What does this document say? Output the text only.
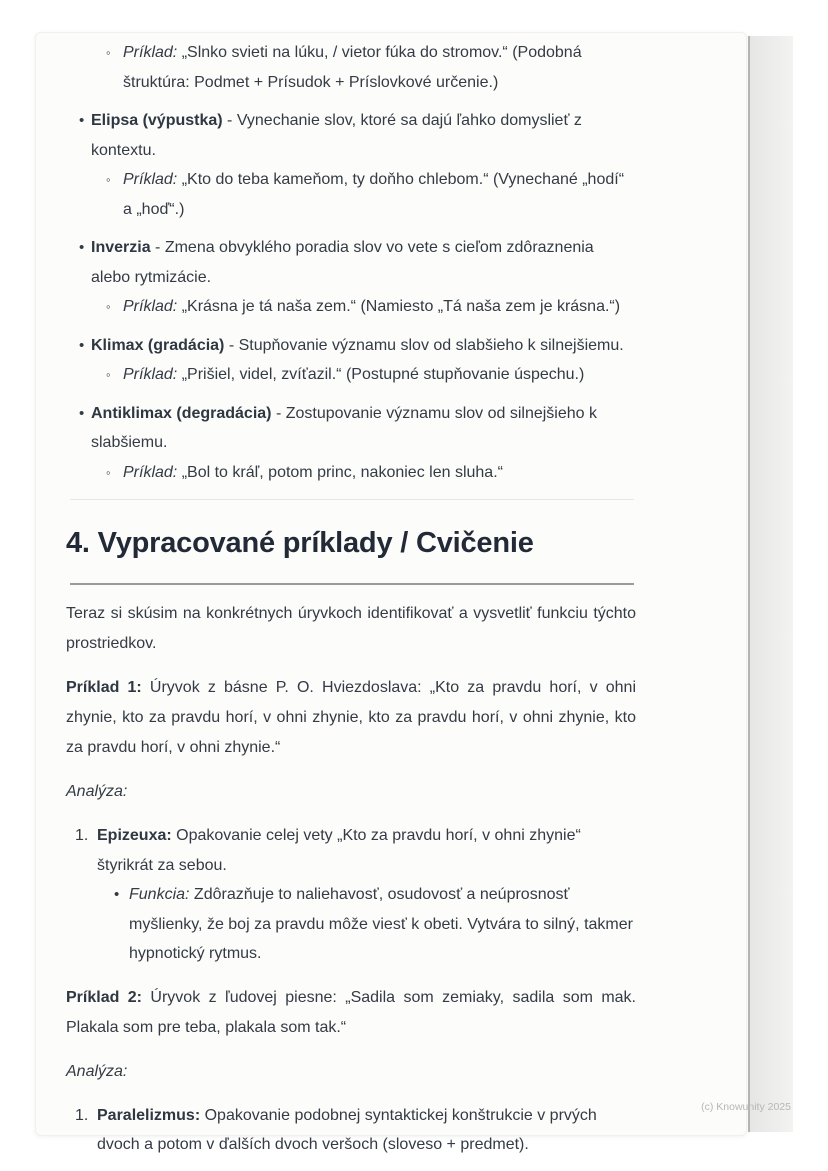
◦ Príklad: „Slnko svieti na lúku, / vietor fúka do stromov.“ (Podobná štruktúra: Podmet + Prísudok + Príslovkové určenie.)
• Elipsa (výpustka) - Vynechanie slov, ktoré sa dajú ľahko domyslieť z kontextu.
◦ Príklad: „Kto do teba kameňom, ty doňho chlebom.“ (Vynechané „hodí“ a „hoď“.)
• Inverzia - Zmena obvyklého poradia slov vo vete s cieľom zdôraznenia alebo rytmizácie.
◦ Príklad: „Krásna je tá naša zem.“ (Namiesto „Tá naša zem je krásna.“)
• Klimax (gradácia) - Stupňovanie významu slov od slabšieho k silnejšiemu.
◦ Príklad: „Prišiel, videl, zvíťazil.“ (Postupné stupňovanie úspechu.)
• Antiklimax (degradácia) - Zostupovanie významu slov od silnejšieho k slabšiemu.
◦ Príklad: „Bol to kráľ, potom princ, nakoniec len sluha.“
4. Vypracované príklady / Cvičenie

Teraz si skúsim na konkrétnych úryvkoch identifikovať a vysvetliť funkciu týchto prostriedkov.

Príklad 1: Úryvok z básne P. O. Hviezdoslava: „Kto za pravdu horí, v ohni zhynie, kto za pravdu horí, v ohni zhynie, kto za pravdu horí, v ohni zhynie, kto za pravdu horí, v ohni zhynie.“

Analýza:

1. Epizeuxa: Opakovanie celej vety „Kto za pravdu horí, v ohni zhynie“ štyrikrát za sebou.
• Funkcia: Zdôrazňuje to naliehavosť, osudovosť a neúprosnosť myšlienky, že boj za pravdu môže viesť k obeti. Vytvára to silný, takmer hypnotický rytmus.

Príklad 2: Úryvok z ľudovej piesne: „Sadila som zemiaky, sadila som mak. Plakala som pre teba, plakala som tak.“

Analýza:

1. Paralelizmus: Opakovanie podobnej syntaktickej konštrukcie v prvých dvoch a potom v ďalších dvoch veršoch (sloveso + predmet).
(c) Knowunity 2025
